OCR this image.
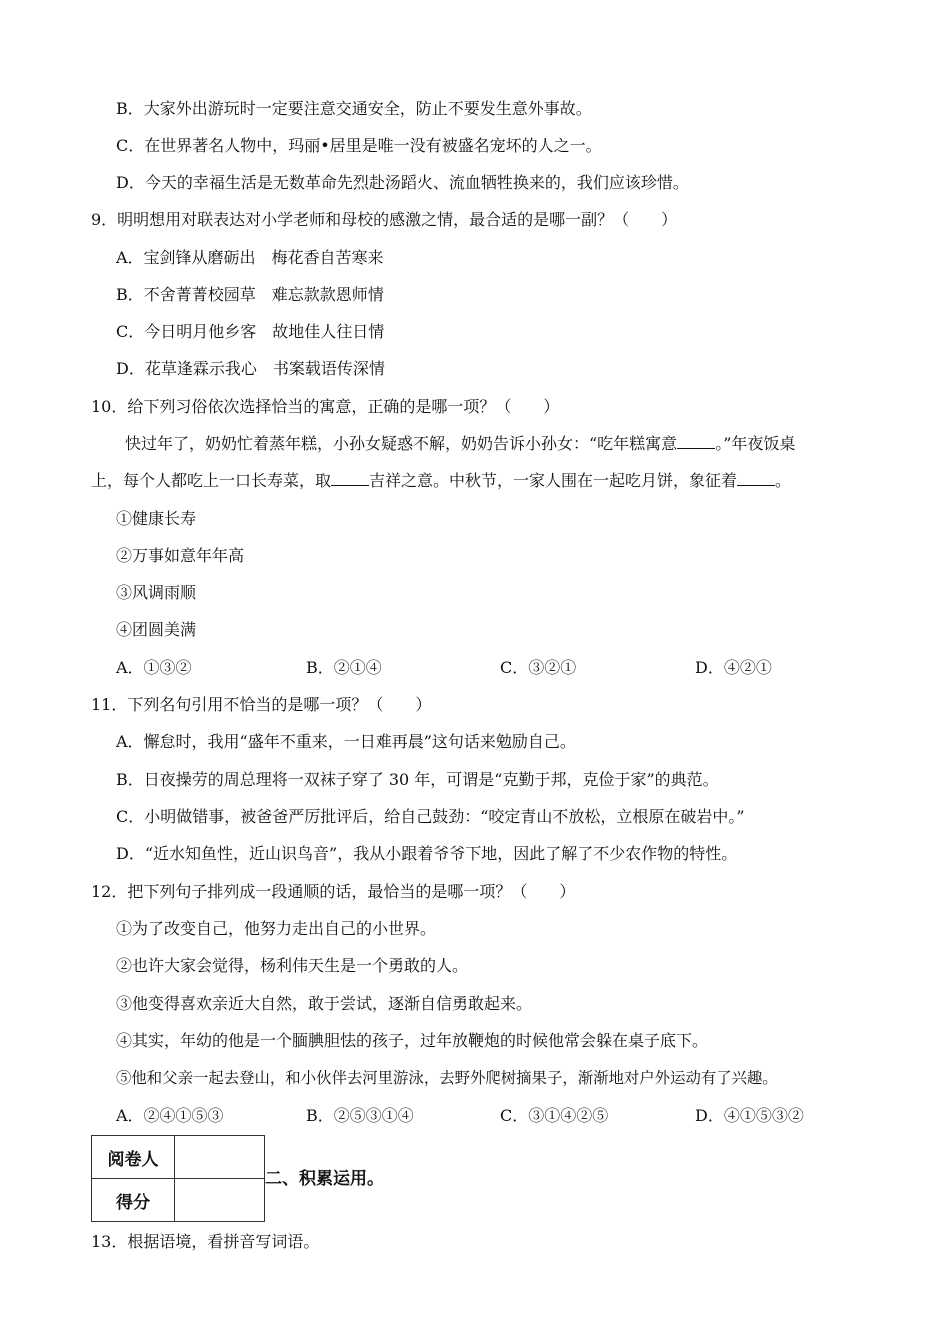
B．大家外出游玩时一定要注意交通安全，防止不要发生意外事故。
C．在世界著名人物中，玛丽•居里是唯一没有被盛名宠坏的人之一。
D．今天的幸福生活是无数革命先烈赴汤蹈火、流血牺牲换来的，我们应该珍惜。
9．明明想用对联表达对小学老师和母校的感激之情，最合适的是哪一副？（　　）
A．宝剑锋从磨砺出　梅花香自苦寒来
B．不舍菁菁校园草　难忘款款恩师情
C．今日明月他乡客　故地佳人往日情
D．花草逢霖示我心　书案载语传深情
10．给下列习俗依次选择恰当的寓意，正确的是哪一项？（　　）
快过年了，奶奶忙着蒸年糕，小孙女疑惑不解，奶奶告诉小孙女：“吃年糕寓意 。”年夜饭桌
上，每个人都吃上一口长寿菜，取 吉祥之意。中秋节，一家人围在一起吃月饼，象征着 。
①健康长寿
②万事如意年年高
③风调雨顺
④团圆美满
A．①③②	B．②①④	C．③②①	D．④②①
11．下列名句引用不恰当的是哪一项？（　　）
A．懈怠时，我用“盛年不重来，一日难再晨”这句话来勉励自己。
B．日夜操劳的周总理将一双袜子穿了 30 年，可谓是“克勤于邦，克俭于家”的典范。
C．小明做错事，被爸爸严厉批评后，给自己鼓劲：“咬定青山不放松，立根原在破岩中。”
D．“近水知鱼性，近山识鸟音”，我从小跟着爷爷下地，因此了解了不少农作物的特性。
12．把下列句子排列成一段通顺的话，最恰当的是哪一项？（　　）
①为了改变自己，他努力走出自己的小世界。
②也许大家会觉得，杨利伟天生是一个勇敢的人。
③他变得喜欢亲近大自然，敢于尝试，逐渐自信勇敢起来。
④其实，年幼的他是一个腼腆胆怯的孩子，过年放鞭炮的时候他常会躲在桌子底下。
⑤他和父亲一起去登山，和小伙伴去河里游泳，去野外爬树摘果子，渐渐地对户外运动有了兴趣。
A．②④①⑤③	B．②⑤③①④	C．③①④②⑤	D．④①⑤③②
阅卷人	
得分	
二、积累运用。
13．根据语境，看拼音写词语。
